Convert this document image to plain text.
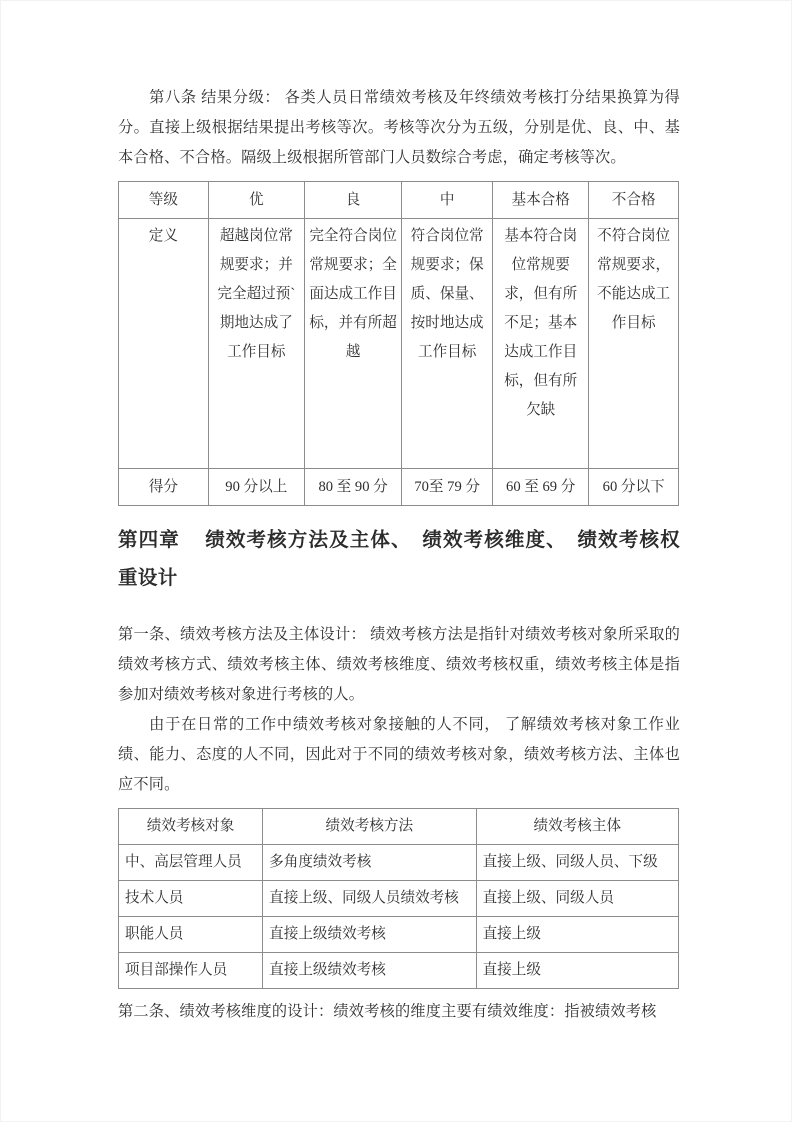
第八条 结果分级： 各类人员日常绩效考核及年终绩效考核打分结果换算为得分。直接上级根据结果提出考核等次。考核等次分为五级，分别是优、良、中、基本合格、不合格。隔级上级根据所管部门人员数综合考虑，确定考核等次。

等级	优	良	中	基本合格	不合格
定义	超越岗位常规要求；并完全超过预`期地达成了工作目标	完全符合岗位常规要求；全面达成工作目标，并有所超越	符合岗位常规要求；保质、保量、按时地达成工作目标	基本符合岗位常规要求，但有所不足；基本达成工作目标，但有所欠缺	不符合岗位常规要求，不能达成工作目标
得分	90 分以上	80 至 90 分	70至 79 分	60 至 69 分	60 分以下
第四章 绩效考核方法及主体、 绩效考核维度、 绩效考核权重设计

第一条、绩效考核方法及主体设计： 绩效考核方法是指针对绩效考核对象所采取的绩效考核方式、绩效考核主体、绩效考核维度、绩效考核权重，绩效考核主体是指参加对绩效考核对象进行考核的人。

由于在日常的工作中绩效考核对象接触的人不同， 了解绩效考核对象工作业绩、能力、态度的人不同，因此对于不同的绩效考核对象，绩效考核方法、主体也应不同。

绩效考核对象	绩效考核方法	绩效考核主体
中、高层管理人员	多角度绩效考核	直接上级、同级人员、下级
技术人员	直接上级、同级人员绩效考核	直接上级、同级人员
职能人员	直接上级绩效考核	直接上级
项目部操作人员	直接上级绩效考核	直接上级

第二条、绩效考核维度的设计：绩效考核的维度主要有绩效维度：指被绩效考核
